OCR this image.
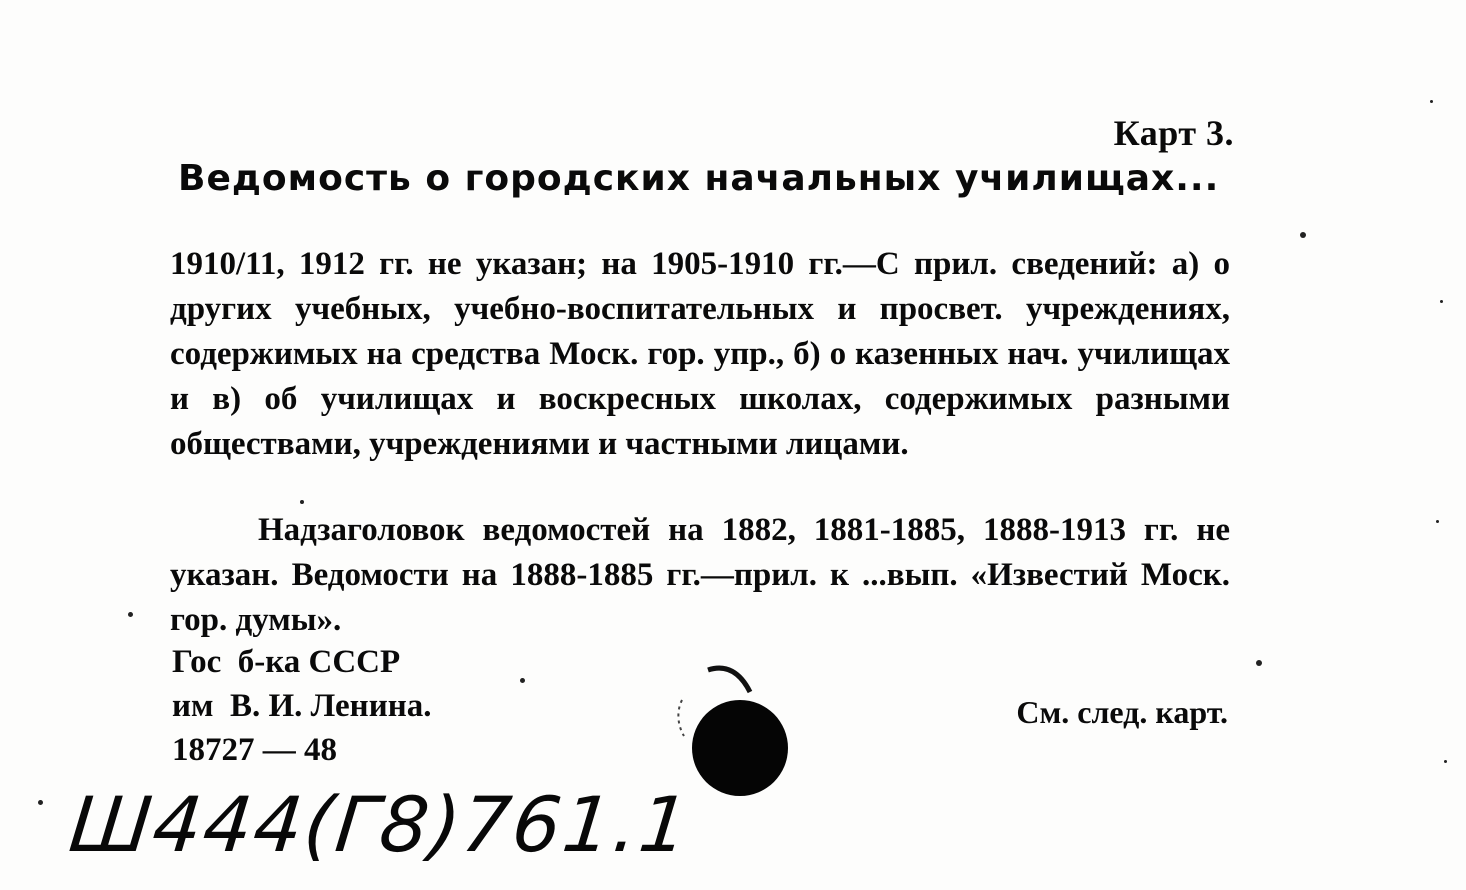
Карт 3.
Ведомость о городских начальных училищах...
1910/11, 1912 гг. не указан; на 1905-1910 гг.—С прил. сведений: а) о других учебных, учебно-воспитательных и просвет. учреждениях, содержимых на средства Моск. гор. упр., б) о казенных нач. училищах и в) об училищах и воскресных школах, содержимых разными обществами, учреждениями и частными лицами.
Надзаголовок ведомостей на 1882, 1881-1885, 1888-1913 гг. не указан. Ведомости на 1888-1885 гг.—прил. к ...вып. «Известий Моск. гор. думы».
Гос  б-ка СССР
им  В. И. Ленина.
18727 — 48
См. след. карт.
Ш444(Г8)761.1
